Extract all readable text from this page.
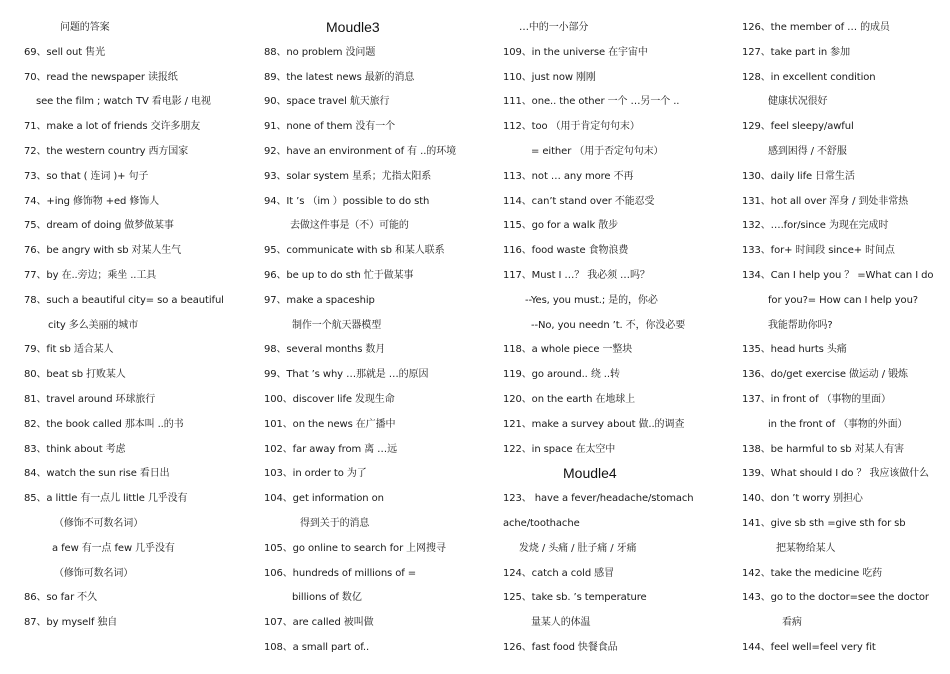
问题的答案
69、sell out 售光
70、read the newspaper 读报纸
see the film ; watch TV 看电影 / 电视
71、make a lot of friends 交许多朋友
72、the western country 西方国家
73、so that ( 连词 )+ 句子
74、+ing 修饰物 +ed 修饰人
75、dream of doing 做梦做某事
76、be angry with sb 对某人生气
77、by 在..旁边；乘坐 ..工具
78、such a beautiful city= so a beautiful
city 多么美丽的城市
79、fit sb 适合某人
80、beat sb 打败某人
81、travel around 环球旅行
82、the book called 那本叫 ..的书
83、think about 考虑
84、watch the sun rise 看日出
85、a little 有一点儿 little 几乎没有
（修饰不可数名词）
a few 有一点 few 几乎没有
（修饰可数名词）
86、so far 不久
87、by myself 独自
Moudle3
88、no problem 没问题
89、the latest news 最新的消息
90、space travel 航天旅行
91、none of them 没有一个
92、have an environment of 有 ..的环境
93、solar system 星系；尤指太阳系
94、It ’s （im ）possible to do sth
去做这件事是（不）可能的
95、communicate with sb 和某人联系
96、be up to do sth 忙于做某事
97、make a spaceship
制作一个航天器模型
98、several months 数月
99、That ’s why …那就是 …的原因
100、discover life 发现生命
101、on the news 在广播中
102、far away from 离 …远
103、in order to 为了
104、get information on
得到关于的消息
105、go online to search for 上网搜寻
106、hundreds of millions of =
billions of 数亿
107、are called 被叫做
108、a small part of..
…中的一小部分
109、in the universe 在宇宙中
110、just now 刚刚
111、one.. the other 一个 …另一个 ..
112、too （用于肯定句句末）
= either （用于否定句句末）
113、not … any more 不再
114、can’t stand over 不能忍受
115、go for a walk 散步
116、food waste 食物浪费
117、Must I …？ 我必须 …吗？
--Yes, you must.; 是的，你必
--No, you needn ’t. 不，你没必要
118、a whole piece 一整块
119、go around.. 绕 ..转
120、on the earth 在地球上
121、make a survey about 做..的调查
122、in space 在太空中
Moudle4
123、 have a fever/headache/stomach
ache/toothache
发烧 / 头痛 / 肚子痛 / 牙痛
124、catch a cold 感冒
125、take sb. ’s temperature
量某人的体温
126、fast food 快餐食品
126、the member of … 的成员
127、take part in 参加
128、in excellent condition
健康状况很好
129、feel sleepy/awful
感到困得 / 不舒服
130、daily life 日常生活
131、hot all over 浑身 / 到处非常热
132、….for/since 为现在完成时
133、for+ 时间段 since+ 时间点
134、Can I help you ？ =What can I do
for you?= How can I help you?
我能帮助你吗?
135、head hurts 头痛
136、do/get exercise 做运动 / 锻炼
137、in front of （事物的里面）
in the front of （事物的外面）
138、be harmful to sb 对某人有害
139、What should I do ？ 我应该做什么
140、don ’t worry 别担心
141、give sb sth =give sth for sb
把某物给某人
142、take the medicine 吃药
143、go to the doctor=see the doctor
看病
144、feel well=feel very fit
